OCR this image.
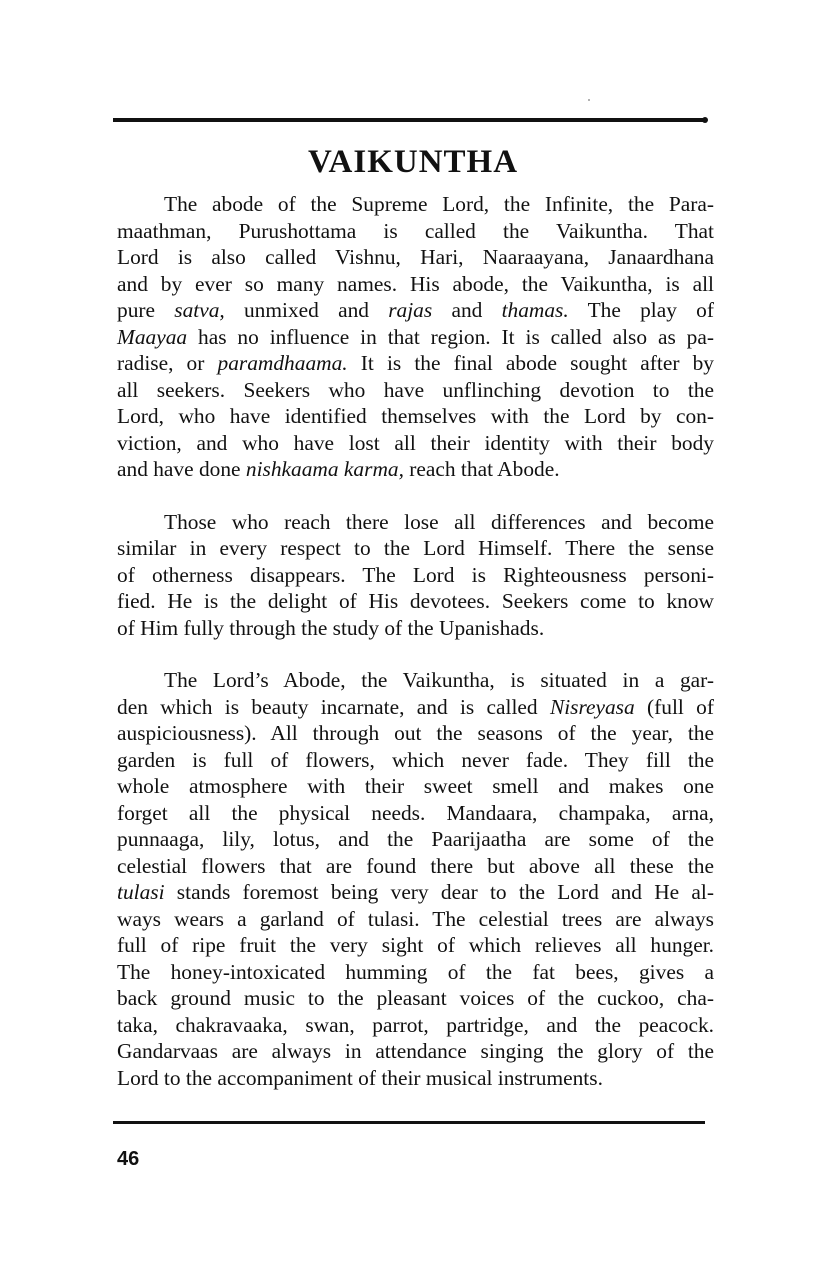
VAIKUNTHA

The abode of the Supreme Lord, the Infinite, the Para-
maathman, Purushottama is called the Vaikuntha. That
Lord is also called Vishnu, Hari, Naaraayana, Janaardhana
and by ever so many names. His abode, the Vaikuntha, is all
pure satva, unmixed and rajas and thamas. The play of
Maayaa has no influence in that region. It is called also as pa-
radise, or paramdhaama. It is the final abode sought after by
all seekers. Seekers who have unflinching devotion to the
Lord, who have identified themselves with the Lord by con-
viction, and who have lost all their identity with their body
and have done nishkaama karma, reach that Abode.

Those who reach there lose all differences and become
similar in every respect to the Lord Himself. There the sense
of otherness disappears. The Lord is Righteousness personi-
fied. He is the delight of His devotees. Seekers come to know
of Him fully through the study of the Upanishads.

The Lord’s Abode, the Vaikuntha, is situated in a gar-
den which is beauty incarnate, and is called Nisreyasa (full of
auspiciousness). All through out the seasons of the year, the
garden is full of flowers, which never fade. They fill the
whole atmosphere with their sweet smell and makes one
forget all the physical needs. Mandaara, champaka, arna,
punnaaga, lily, lotus, and the Paarijaatha are some of the
celestial flowers that are found there but above all these the
tulasi stands foremost being very dear to the Lord and He al-
ways wears a garland of tulasi. The celestial trees are always
full of ripe fruit the very sight of which relieves all hunger.
The honey-intoxicated humming of the fat bees, gives a
back ground music to the pleasant voices of the cuckoo, cha-
taka, chakravaaka, swan, parrot, partridge, and the peacock.
Gandarvaas are always in attendance singing the glory of the
Lord to the accompaniment of their musical instruments.

46
